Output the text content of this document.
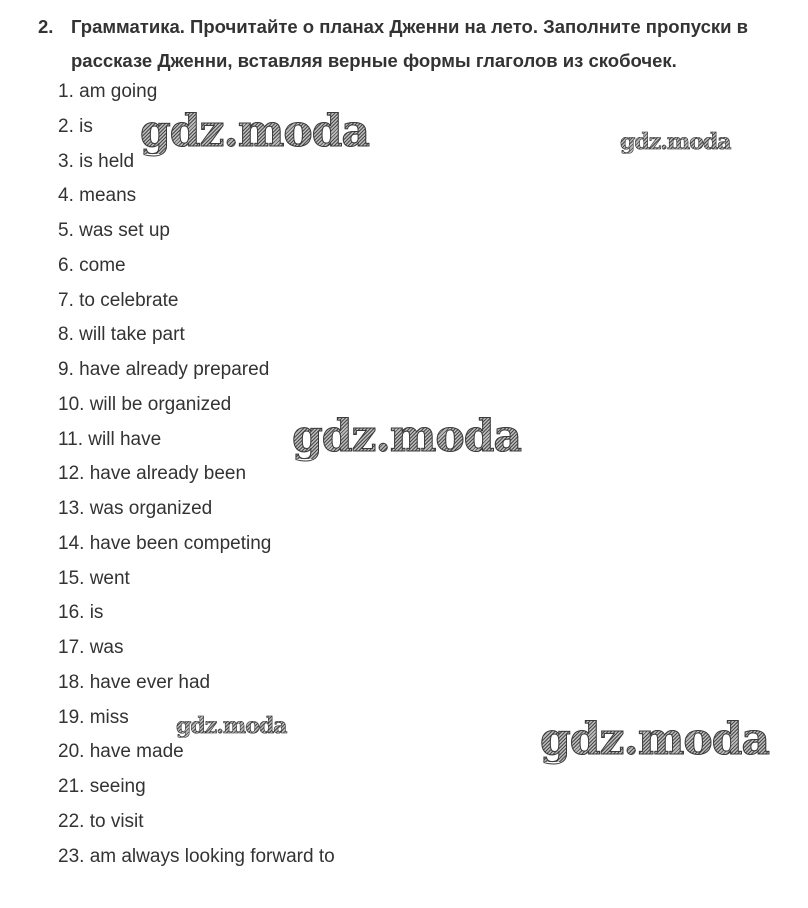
2. Грамматика. Прочитайте о планах Дженни на лето. Заполните пропуски в рассказе Дженни, вставляя верные формы глаголов из скобочек.
1. am going
2. is
3. is held
4. means
5. was set up
6. come
7. to celebrate
8. will take part
9. have already prepared
10. will be organized
11. will have
12. have already been
13. was organized
14. have been competing
15. went
16. is
17. was
18. have ever had
19. miss
20. have made
21. seeing
22. to visit
23. am always looking forward to
gdz.moda	gdz.moda
gdz.moda
gdz.moda	gdz.moda
